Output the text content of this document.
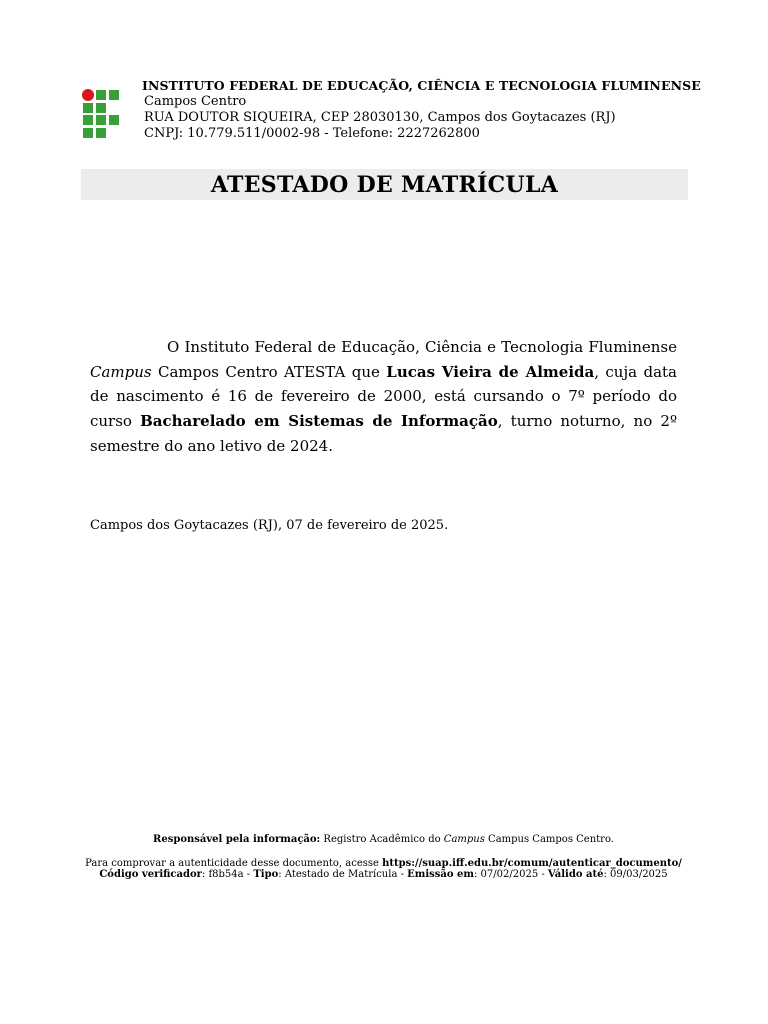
INSTITUTO FEDERAL DE EDUCAÇÃO, CIÊNCIA E TECNOLOGIA FLUMINENSE
Campos Centro
RUA DOUTOR SIQUEIRA, CEP 28030130, Campos dos Goytacazes (RJ)
CNPJ: 10.779.511/0002-98 - Telefone: 2227262800
ATESTADO DE MATRÍCULA
O Instituto Federal de Educação, Ciência e Tecnologia Fluminense Campus Campos Centro ATESTA que Lucas Vieira de Almeida, cuja data de nascimento é 16 de fevereiro de 2000, está cursando o 7º período do curso Bacharelado em Sistemas de Informação, turno noturno, no 2º semestre do ano letivo de 2024.
Campos dos Goytacazes (RJ), 07 de fevereiro de 2025.
Responsável pela informação: Registro Acadêmico do Campus Campus Campos Centro.
Para comprovar a autenticidade desse documento, acesse https://suap.iff.edu.br/comum/autenticar_documento/
Código verificador: f8b54a - Tipo: Atestado de Matrícula - Emissão em: 07/02/2025 - Válido até: 09/03/2025
